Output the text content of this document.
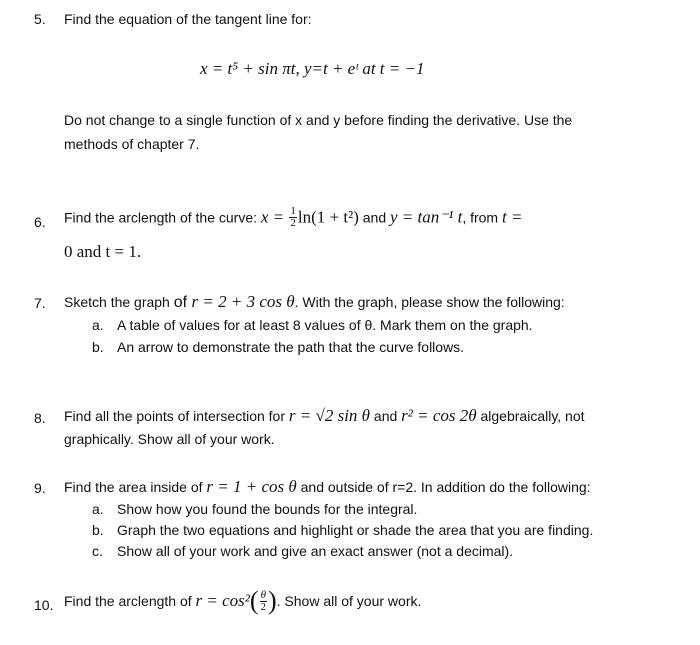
5. Find the equation of the tangent line for:
x = t⁵ + sin πt, y=t + eᵗ at t = −1
Do not change to a single function of x and y before finding the derivative. Use the
methods of chapter 7.
6. Find the arclength of the curve: $x = \frac{1}{2} \ln(1 + t^2)$ and y = tan⁻¹ t, from t =
0 and t = 1.
7. Sketch the graph of r = 2 + 3 cos θ. With the graph, please show the following:
a. A table of values for at least 8 values of θ. Mark them on the graph.
b. An arrow to demonstrate the path that the curve follows.
8. Find all the points of intersection for r = √2 sin θ and r² = cos 2θ algebraically, not
graphically. Show all of your work.
9. Find the area inside of r = 1 + cos θ and outside of r=2. In addition do the following:
a. Show how you found the bounds for the integral.
b. Graph the two equations and highlight or shade the area that you are finding.
c. Show all of your work and give an exact answer (not a decimal).
10. Find the arclength of $r = \cos^2( \frac{\theta}{2}$ ). Show all of your work.
